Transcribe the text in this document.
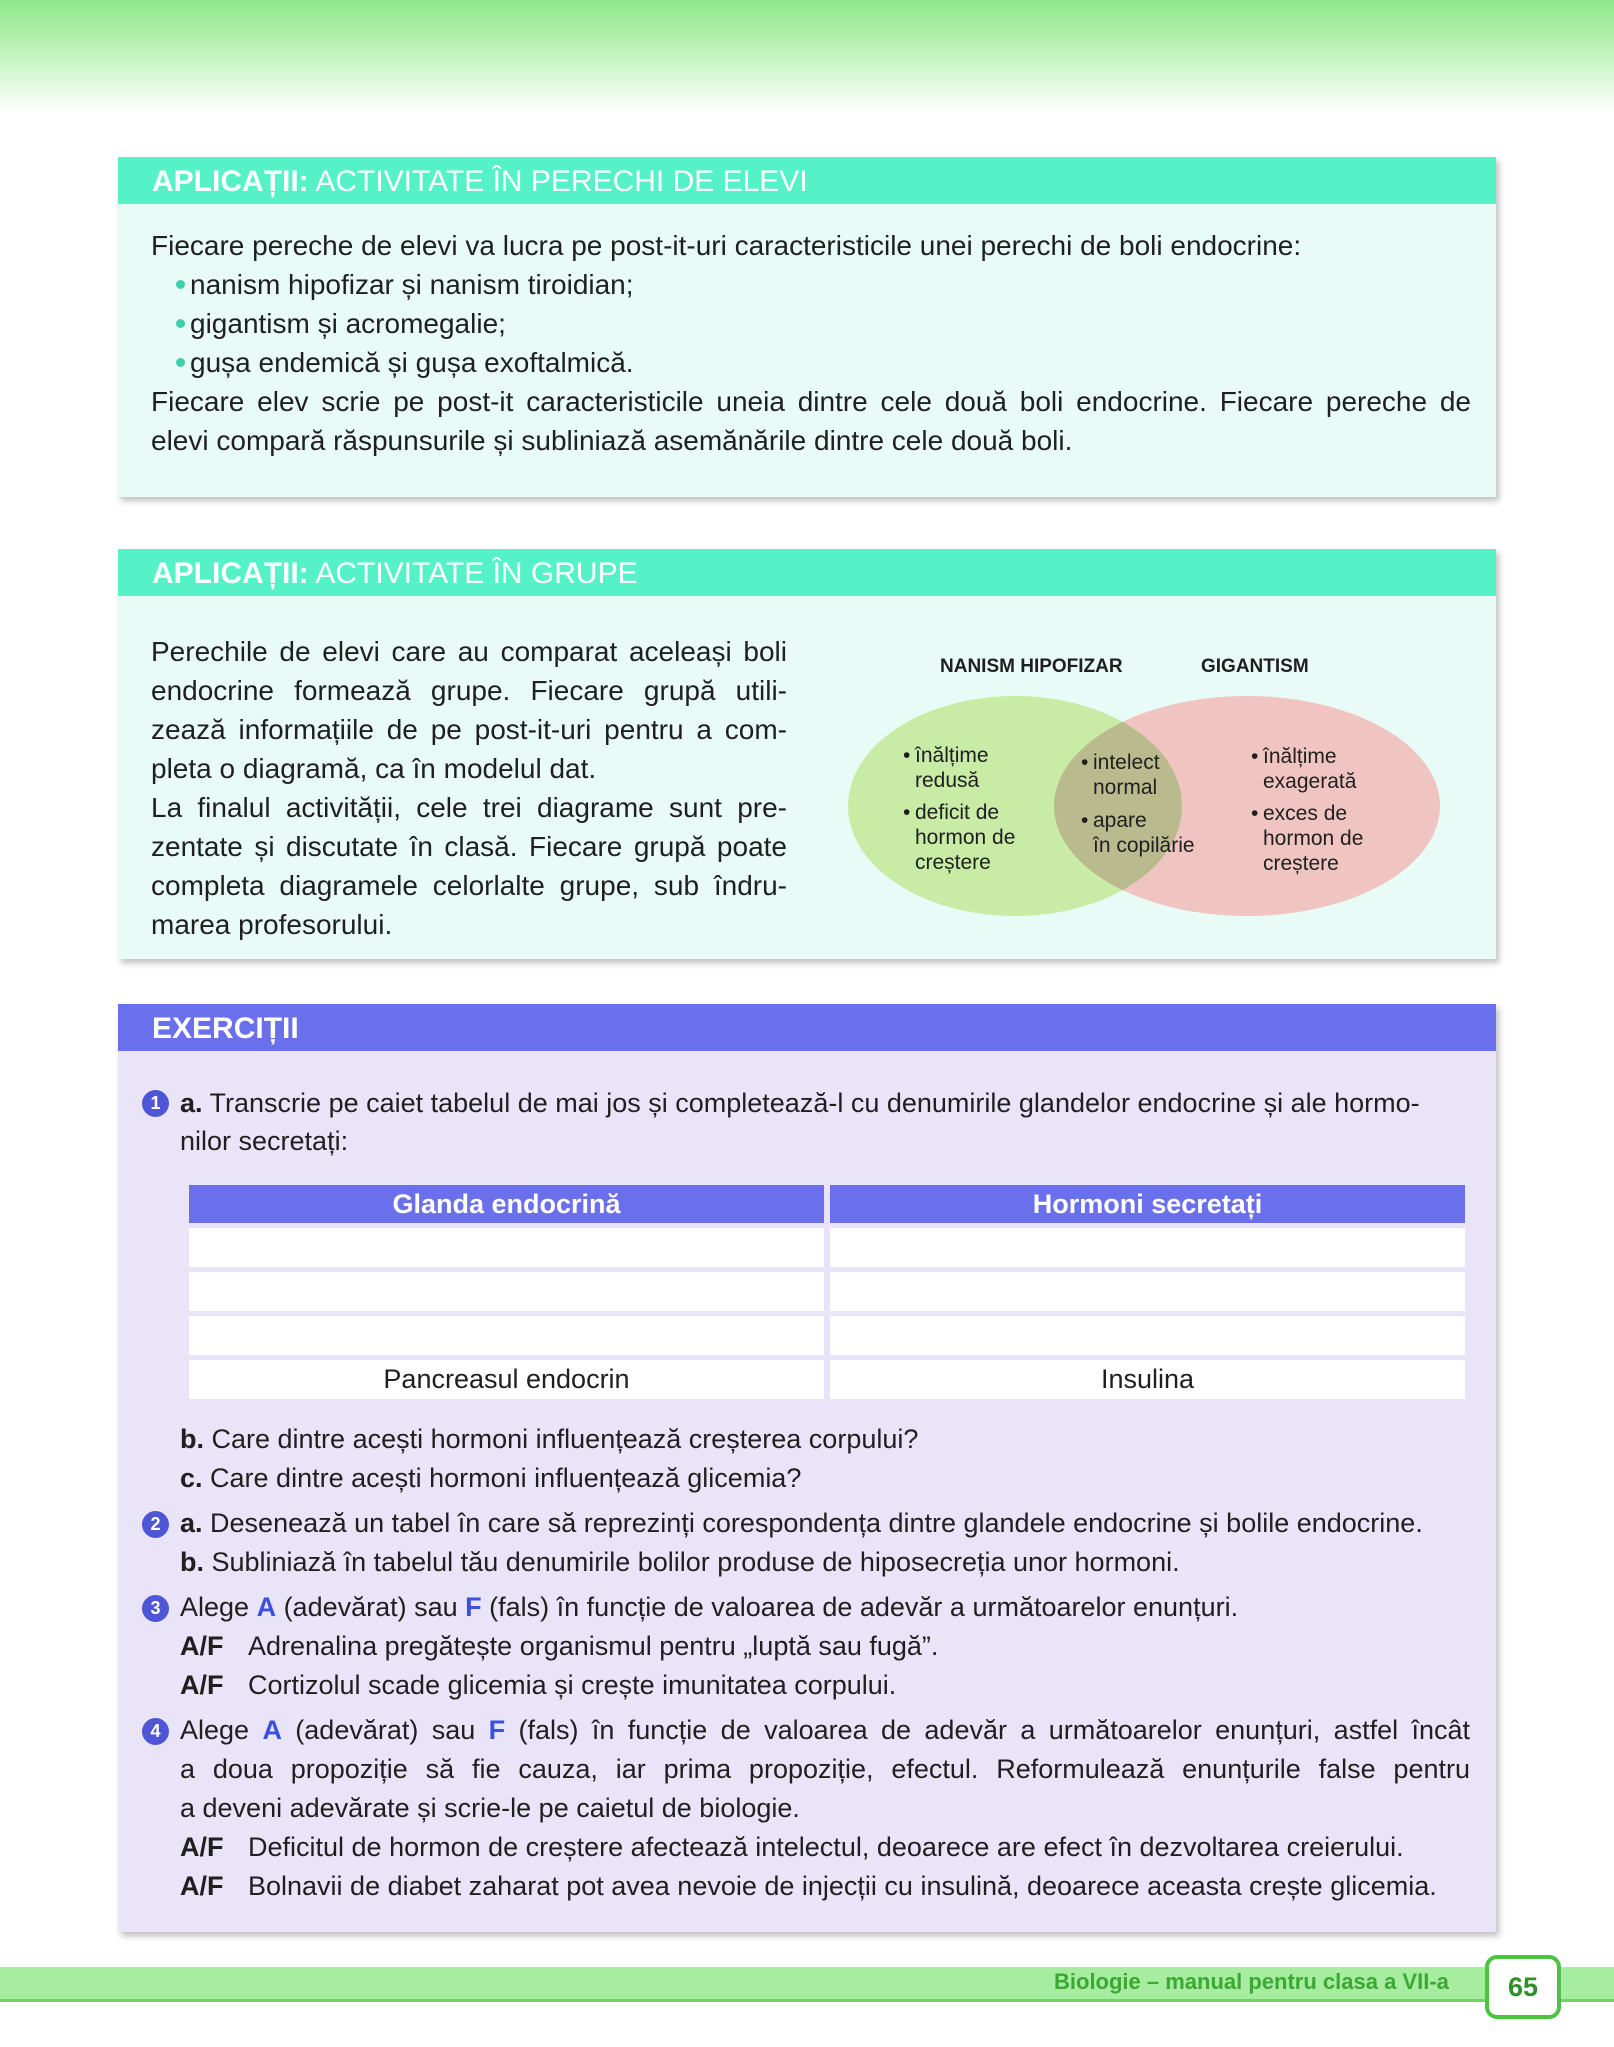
APLICAȚII: ACTIVITATE ÎN PERECHI DE ELEVI
Fiecare pereche de elevi va lucra pe post-it-uri caracteristicile unei perechi de boli endocrine:
nanism hipofizar și nanism tiroidian;
gigantism și acromegalie;
gușa endemică și gușa exoftalmică.
Fiecare elev scrie pe post-it caracteristicile uneia dintre cele două boli endocrine. Fiecare pereche de
elevi compară răspunsurile și subliniază asemănările dintre cele două boli.
APLICAȚII: ACTIVITATE ÎN GRUPE
Perechile de elevi care au comparat aceleași boli
endocrine formează grupe. Fiecare grupă utili-
zează informațiile de pe post-it-uri pentru a com-
pleta o diagramă, ca în modelul dat.
La finalul activității, cele trei diagrame sunt pre-
zentate și discutate în clasă. Fiecare grupă poate
completa diagramele celorlalte grupe, sub îndru-
marea profesorului.
NANISM HIPOFIZAR	GIGANTISM
• înălțime
redusă
• deficit de
hormon de
creștere
• intelect
normal
• apare
în copilărie
• înălțime
exagerată
• exces de
hormon de
creștere
EXERCIȚII
1 a. Transcrie pe caiet tabelul de mai jos și completează-l cu denumirile glandelor endocrine și ale hormo-
nilor secretați:
Glanda endocrină	Hormoni secretați

Pancreasul endocrin	Insulina
b. Care dintre acești hormoni influențează creșterea corpului?
c. Care dintre acești hormoni influențează glicemia?
2 a. Desenează un tabel în care să reprezinți corespondența dintre glandele endocrine și bolile endocrine.
b. Subliniază în tabelul tău denumirile bolilor produse de hiposecreția unor hormoni.
3 Alege A (adevărat) sau F (fals) în funcție de valoarea de adevăr a următoarelor enunțuri.
A/F Adrenalina pregătește organismul pentru „luptă sau fugă”.
A/F Cortizolul scade glicemia și crește imunitatea corpului.
4 Alege A (adevărat) sau F (fals) în funcție de valoarea de adevăr a următoarelor enunțuri, astfel încât
a doua propoziție să fie cauza, iar prima propoziție, efectul. Reformulează enunțurile false pentru
a deveni adevărate și scrie-le pe caietul de biologie.
A/F Deficitul de hormon de creștere afectează intelectul, deoarece are efect în dezvoltarea creierului.
A/F Bolnavii de diabet zaharat pot avea nevoie de injecții cu insulină, deoarece aceasta crește glicemia.
Biologie – manual pentru clasa a VII-a	65
